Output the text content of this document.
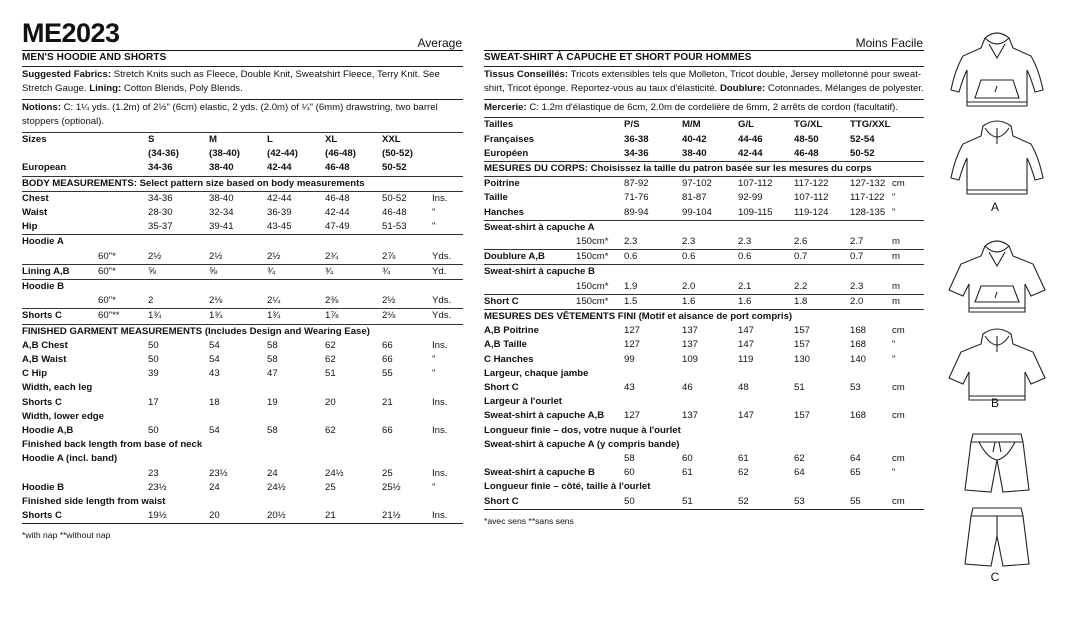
ME2023	Average	Moins Facile
MEN'S HOODIE AND SHORTS
Suggested Fabrics: Stretch Knits such as Fleece, Double Knit, Sweatshirt Fleece, Terry Knit. See Stretch Gauge. Lining: Cotton Blends, Poly Blends.
Notions: C: 1¼ yds. (1.2m) of 2½" (6cm) elastic, 2 yds. (2.0m) of ¼" (6mm) drawstring, two barrel stoppers (optional).
Sizes		S	M	L	XL	XXL	
		(34-36)	(38-40)	(42-44)	(46-48)	(50-52)	
European		34-36	38-40	42-44	46-48	50-52	
BODY MEASUREMENTS: Select pattern size based on body measurements							
Chest		34-36	38-40	42-44	46-48	50-52	Ins.
Waist		28-30	32-34	36-39	42-44	46-48	"
Hip		35-37	39-41	43-45	47-49	51-53	"
Hoodie A							
	60"*	2½	2½	2½	2¾	2⅞	Yds.
Lining A,B	60"*	⅝	⅝	¾	¾	¾	Yd.
Hoodie B							
	60"*	2	2⅛	2¼	2⅜	2½	Yds.
Shorts C	60"**	1¾	1¾	1¾	1⅞	2⅛	Yds.
FINISHED GARMENT MEASUREMENTS (Includes Design and Wearing Ease)							
A,B Chest		50	54	58	62	66	Ins.
A,B Waist		50	54	58	62	66	"
C Hip		39	43	47	51	55	"
Width, each leg							
Shorts C		17	18	19	20	21	Ins.
Width, lower edge							
Hoodie A,B		50	54	58	62	66	Ins.
Finished back length from base of neck							
Hoodie A (incl. band)							
		23	23½	24	24½	25	Ins.
Hoodie B		23½	24	24½	25	25½	"
Finished side length from waist							
Shorts C		19½	20	20½	21	21½	Ins.
*with nap **without nap
SWEAT-SHIRT À CAPUCHE ET SHORT POUR HOMMES
Tissus Conseillés: Tricots extensibles tels que Molleton, Tricot double, Jersey molletonné pour sweat-shirt, Tricot éponge. Reportez-vous au taux d'élasticité. Doublure: Cotonnades, Mélanges de polyester.
Mercerie: C: 1.2m d'élastique de 6cm, 2.0m de cordelière de 6mm, 2 arrêts de cordon (facultatif).
Tailles		P/S	M/M	G/L	TG/XL	TTG/XXL	
Françaises		36-38	40-42	44-46	48-50	52-54	
Européen		34-36	38-40	42-44	46-48	50-52	
MESURES DU CORPS: Choisissez la taille du patron basée sur les mesures du corps							
Poitrine		87-92	97-102	107-112	117-122	127-132	cm
Taille		71-76	81-87	92-99	107-112	117-122	"
Hanches		89-94	99-104	109-115	119-124	128-135	"
Sweat-shirt à capuche A							
	150cm*	2.3	2.3	2.3	2.6	2.7	m
Doublure A,B	150cm*	0.6	0.6	0.6	0.7	0.7	m
Sweat-shirt à capuche B							
	150cm*	1.9	2.0	2.1	2.2	2.3	m
Short C	150cm*	1.5	1.6	1.6	1.8	2.0	m
MESURES DES VÊTEMENTS FINI (Motif et aisance de port compris)							
A,B Poitrine		127	137	147	157	168	cm
A,B Taille		127	137	147	157	168	"
C Hanches		99	109	119	130	140	"
Largeur, chaque jambe							
Short C		43	46	48	51	53	cm
Largeur à l'ourlet							
Sweat-shirt à capuche A,B		127	137	147	157	168	cm
Longueur finie – dos, votre nuque à l'ourlet							
Sweat-shirt à capuche A (y compris bande)							
		58	60	61	62	64	cm
Sweat-shirt à capuche B		60	61	62	64	65	"
Longueur finie – côté, taille à l'ourlet							
Short C		50	51	52	53	55	cm
*avec sens **sans sens
A
B
C
